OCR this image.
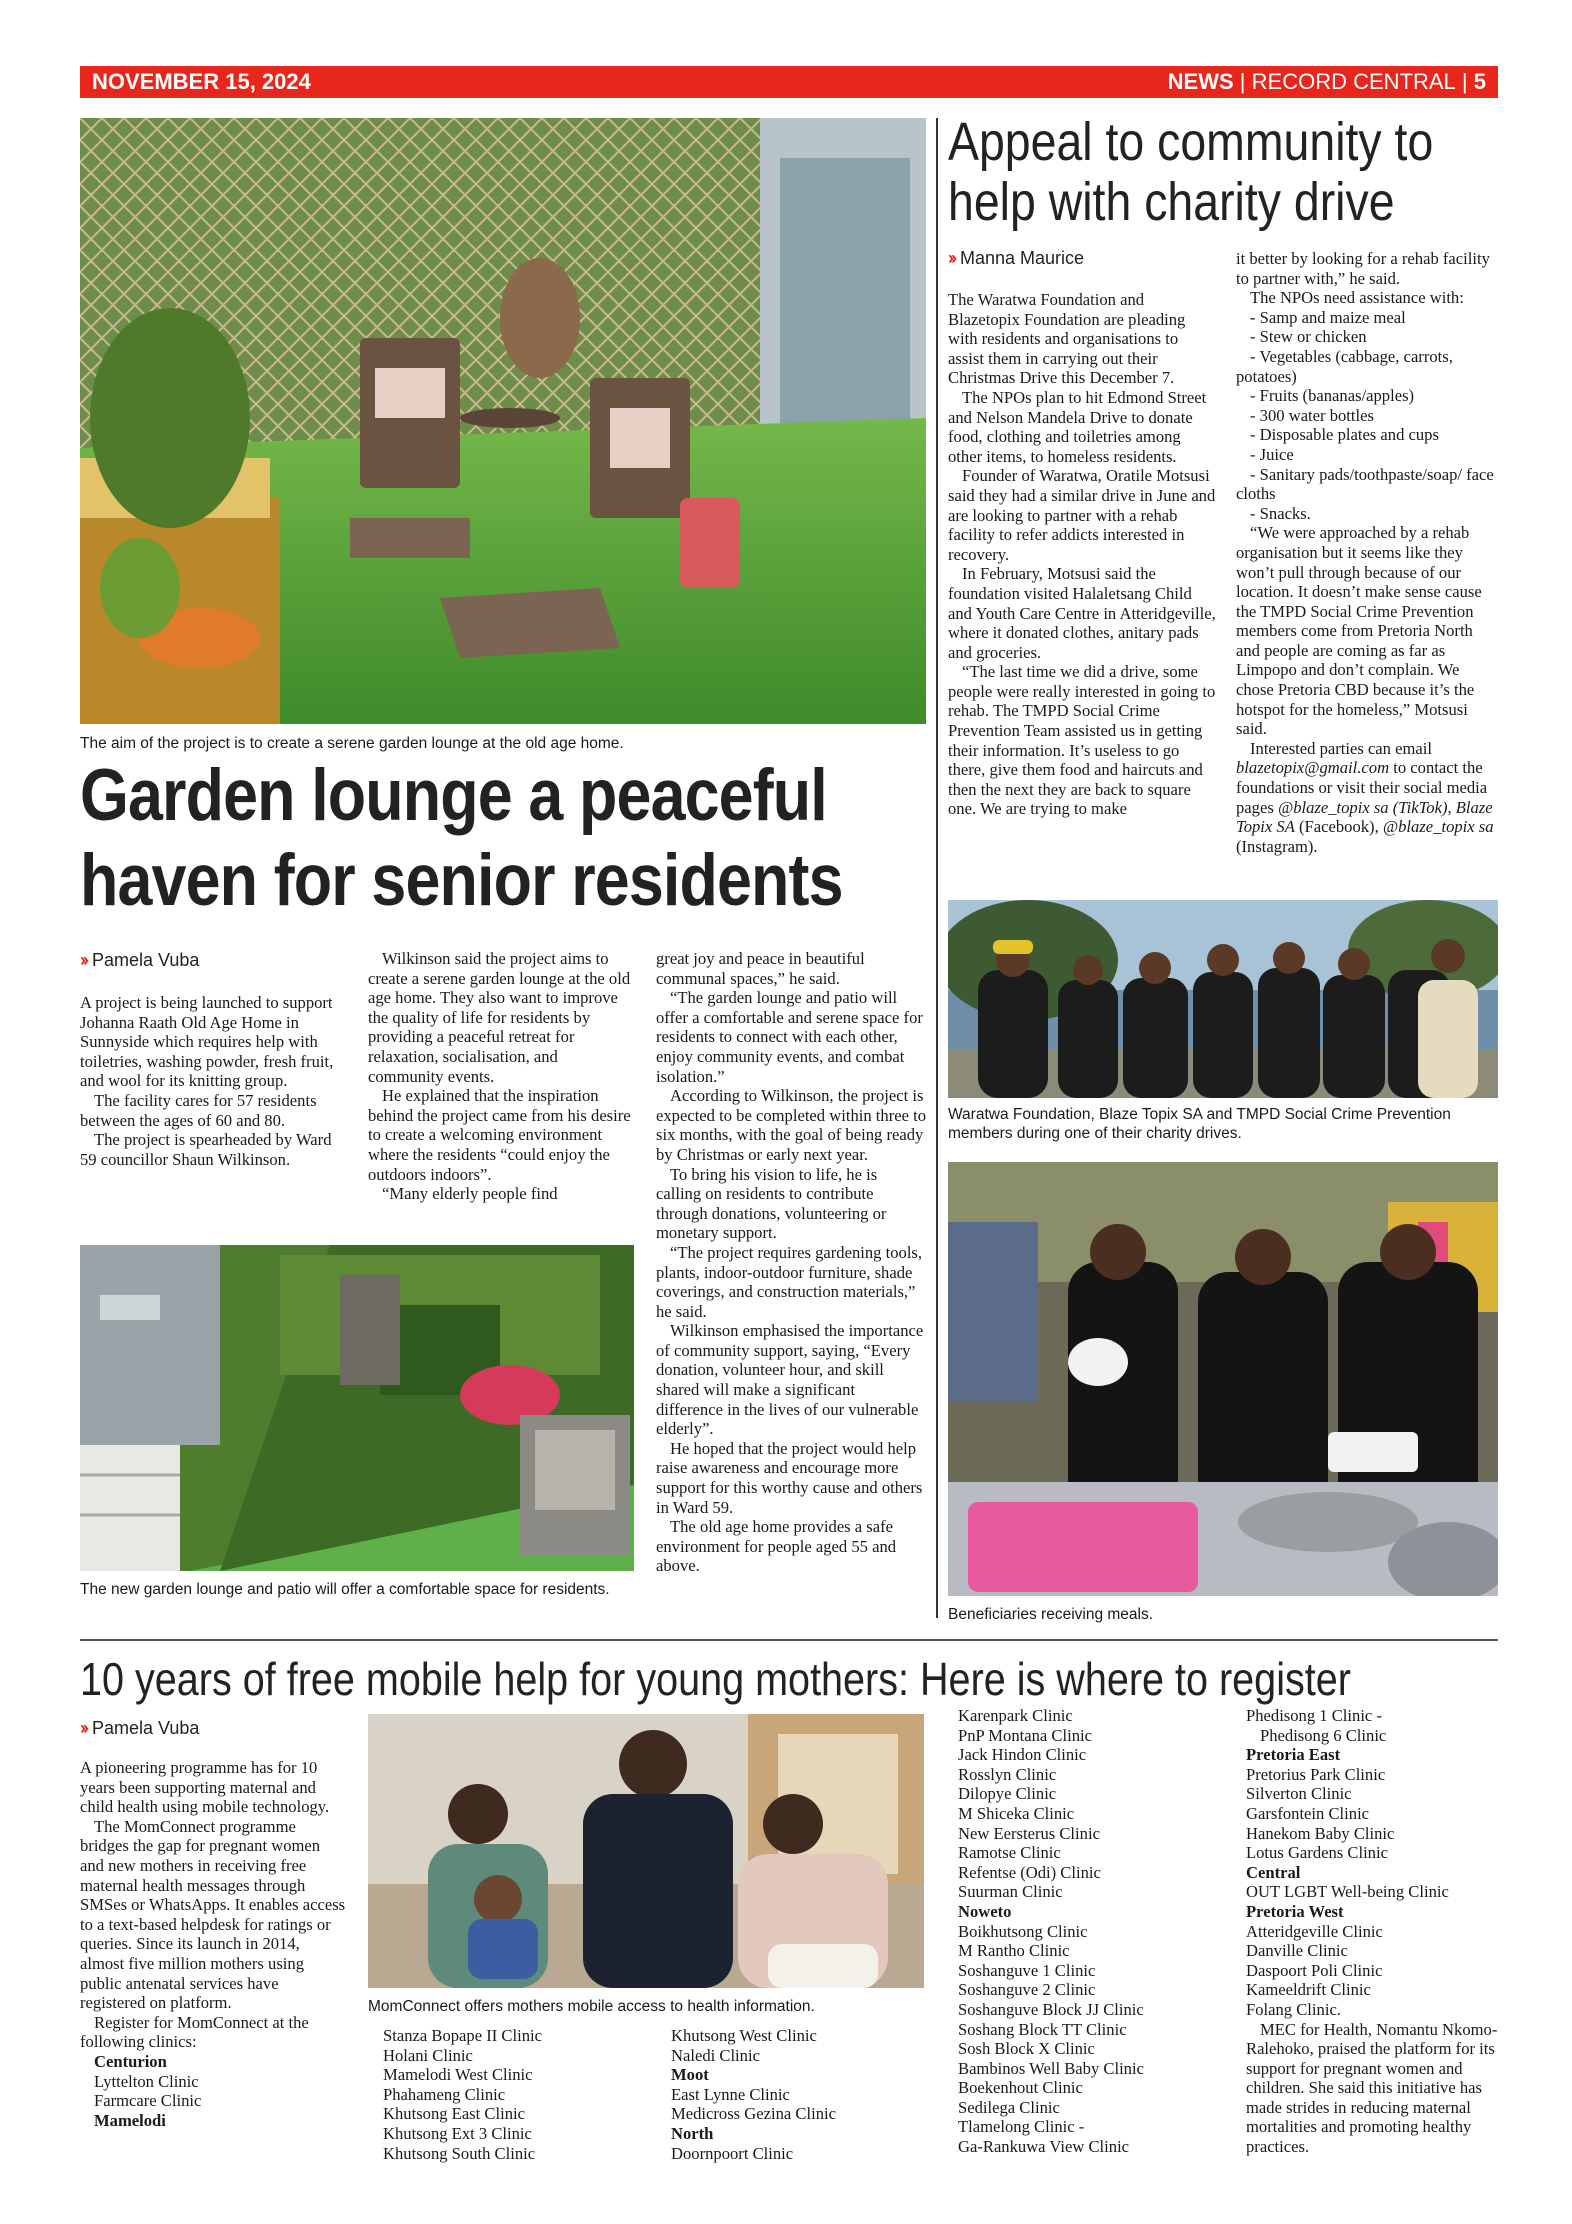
NOVEMBER 15, 2024	NEWS | RECORD CENTRAL | 5
The aim of the project is to create a serene garden lounge at the old age home.
Garden lounge a peaceful
haven for senior residents
›› Pamela Vuba

A project is being launched to support Johanna Raath Old Age Home in Sunnyside which requires help with toiletries, washing powder, fresh fruit, and wool for its knitting group.

The facility cares for 57 residents between the ages of 60 and 80.

The project is spearheaded by Ward 59 councillor Shaun Wilkinson.

Wilkinson said the project aims to create a serene garden lounge at the old age home. They also want to improve the quality of life for residents by providing a peaceful retreat for relaxation, socialisation, and community events.

He explained that the inspiration behind the project came from his desire to create a welcoming environment where the residents “could enjoy the outdoors indoors”.

“Many elderly people find

great joy and peace in beautiful communal spaces,” he said.

“The garden lounge and patio will offer a comfortable and serene space for residents to connect with each other, enjoy community events, and combat isolation.”

According to Wilkinson, the project is expected to be completed within three to six months, with the goal of being ready by Christmas or early next year.

To bring his vision to life, he is calling on residents to contribute through donations, volunteering or monetary support.

“The project requires gardening tools, plants, indoor-outdoor furniture, shade coverings, and construction materials,” he said.

Wilkinson emphasised the importance of community support, saying, “Every donation, volunteer hour, and skill shared will make a significant difference in the lives of our vulnerable elderly”.

He hoped that the project would help raise awareness and encourage more support for this worthy cause and others in Ward 59.

The old age home provides a safe environment for people aged 55 and above.

The new garden lounge and patio will offer a comfortable space for residents.
Appeal to community to
help with charity drive
›› Manna Maurice

The Waratwa Foundation and Blazetopix Foundation are pleading with residents and organisations to assist them in carrying out their Christmas Drive this December 7.

The NPOs plan to hit Edmond Street and Nelson Mandela Drive to donate food, clothing and toiletries among other items, to homeless residents.

Founder of Waratwa, Oratile Motsusi said they had a similar drive in June and are looking to partner with a rehab facility to refer addicts interested in recovery.

In February, Motsusi said the foundation visited Halaletsang Child and Youth Care Centre in Atteridgeville, where it donated clothes, anitary pads and groceries.

“The last time we did a drive, some people were really interested in going to rehab. The TMPD Social Crime Prevention Team assisted us in getting their information. It’s useless to go there, give them food and haircuts and then the next they are back to square one. We are trying to make

it better by looking for a rehab facility to partner with,” he said.

The NPOs need assistance with:

- Samp and maize meal

- Stew or chicken

- Vegetables (cabbage, carrots, potatoes)

- Fruits (bananas/apples)

- 300 water bottles

- Disposable plates and cups

- Juice

- Sanitary pads/toothpaste/soap/ face cloths

- Snacks.

“We were approached by a rehab organisation but it seems like they won’t pull through because of our location. It doesn’t make sense cause the TMPD Social Crime Prevention members come from Pretoria North and people are coming as far as Limpopo and don’t complain. We chose Pretoria CBD because it’s the hotspot for the homeless,” Motsusi said.

Interested parties can email blazetopix@gmail.com to contact the foundations or visit their social media pages @blaze_topix sa (TikTok), Blaze Topix SA (Facebook), @blaze_topix sa (Instagram).

Waratwa Foundation, Blaze Topix SA and TMPD Social Crime Prevention members during one of their charity drives.
Beneficiaries receiving meals.
10 years of free mobile help for young mothers: Here is where to register
›› Pamela Vuba

A pioneering programme has for 10 years been supporting maternal and child health using mobile technology.

The MomConnect programme bridges the gap for pregnant women and new mothers in receiving free maternal health messages through SMSes or WhatsApps. It enables access to a text-based helpdesk for ratings or queries. Since its launch in 2014, almost five million mothers using public antenatal services have registered on platform.

Register for MomConnect at the following clinics:

Centurion

Lyttelton Clinic

Farmcare Clinic

Mamelodi

MomConnect offers mothers mobile access to health information.

Stanza Bopape II Clinic

Holani Clinic

Mamelodi West Clinic

Phahameng Clinic

Khutsong East Clinic

Khutsong Ext 3 Clinic

Khutsong South Clinic

Khutsong West Clinic

Naledi Clinic

Moot

East Lynne Clinic

Medicross Gezina Clinic

North

Doornpoort Clinic

Karenpark Clinic

PnP Montana Clinic

Jack Hindon Clinic

Rosslyn Clinic

Dilopye Clinic

M Shiceka Clinic

New Eersterus Clinic

Ramotse Clinic

Refentse (Odi) Clinic

Suurman Clinic

Noweto

Boikhutsong Clinic

M Rantho Clinic

Soshanguve 1 Clinic

Soshanguve 2 Clinic

Soshanguve Block JJ Clinic

Soshang Block TT Clinic

Sosh Block X Clinic

Bambinos Well Baby Clinic

Boekenhout Clinic

Sedilega Clinic

Tlamelong Clinic -

Ga-Rankuwa View Clinic

Phedisong 1 Clinic -

Phedisong 6 Clinic

Pretoria East

Pretorius Park Clinic

Silverton Clinic

Garsfontein Clinic

Hanekom Baby Clinic

Lotus Gardens Clinic

Central

OUT LGBT Well-being Clinic

Pretoria West

Atteridgeville Clinic

Danville Clinic

Daspoort Poli Clinic

Kameeldrift Clinic

Folang Clinic.

MEC for Health, Nomantu Nkomo-Ralehoko, praised the platform for its support for pregnant women and children. She said this initiative has made strides in reducing maternal mortalities and promoting healthy practices.
